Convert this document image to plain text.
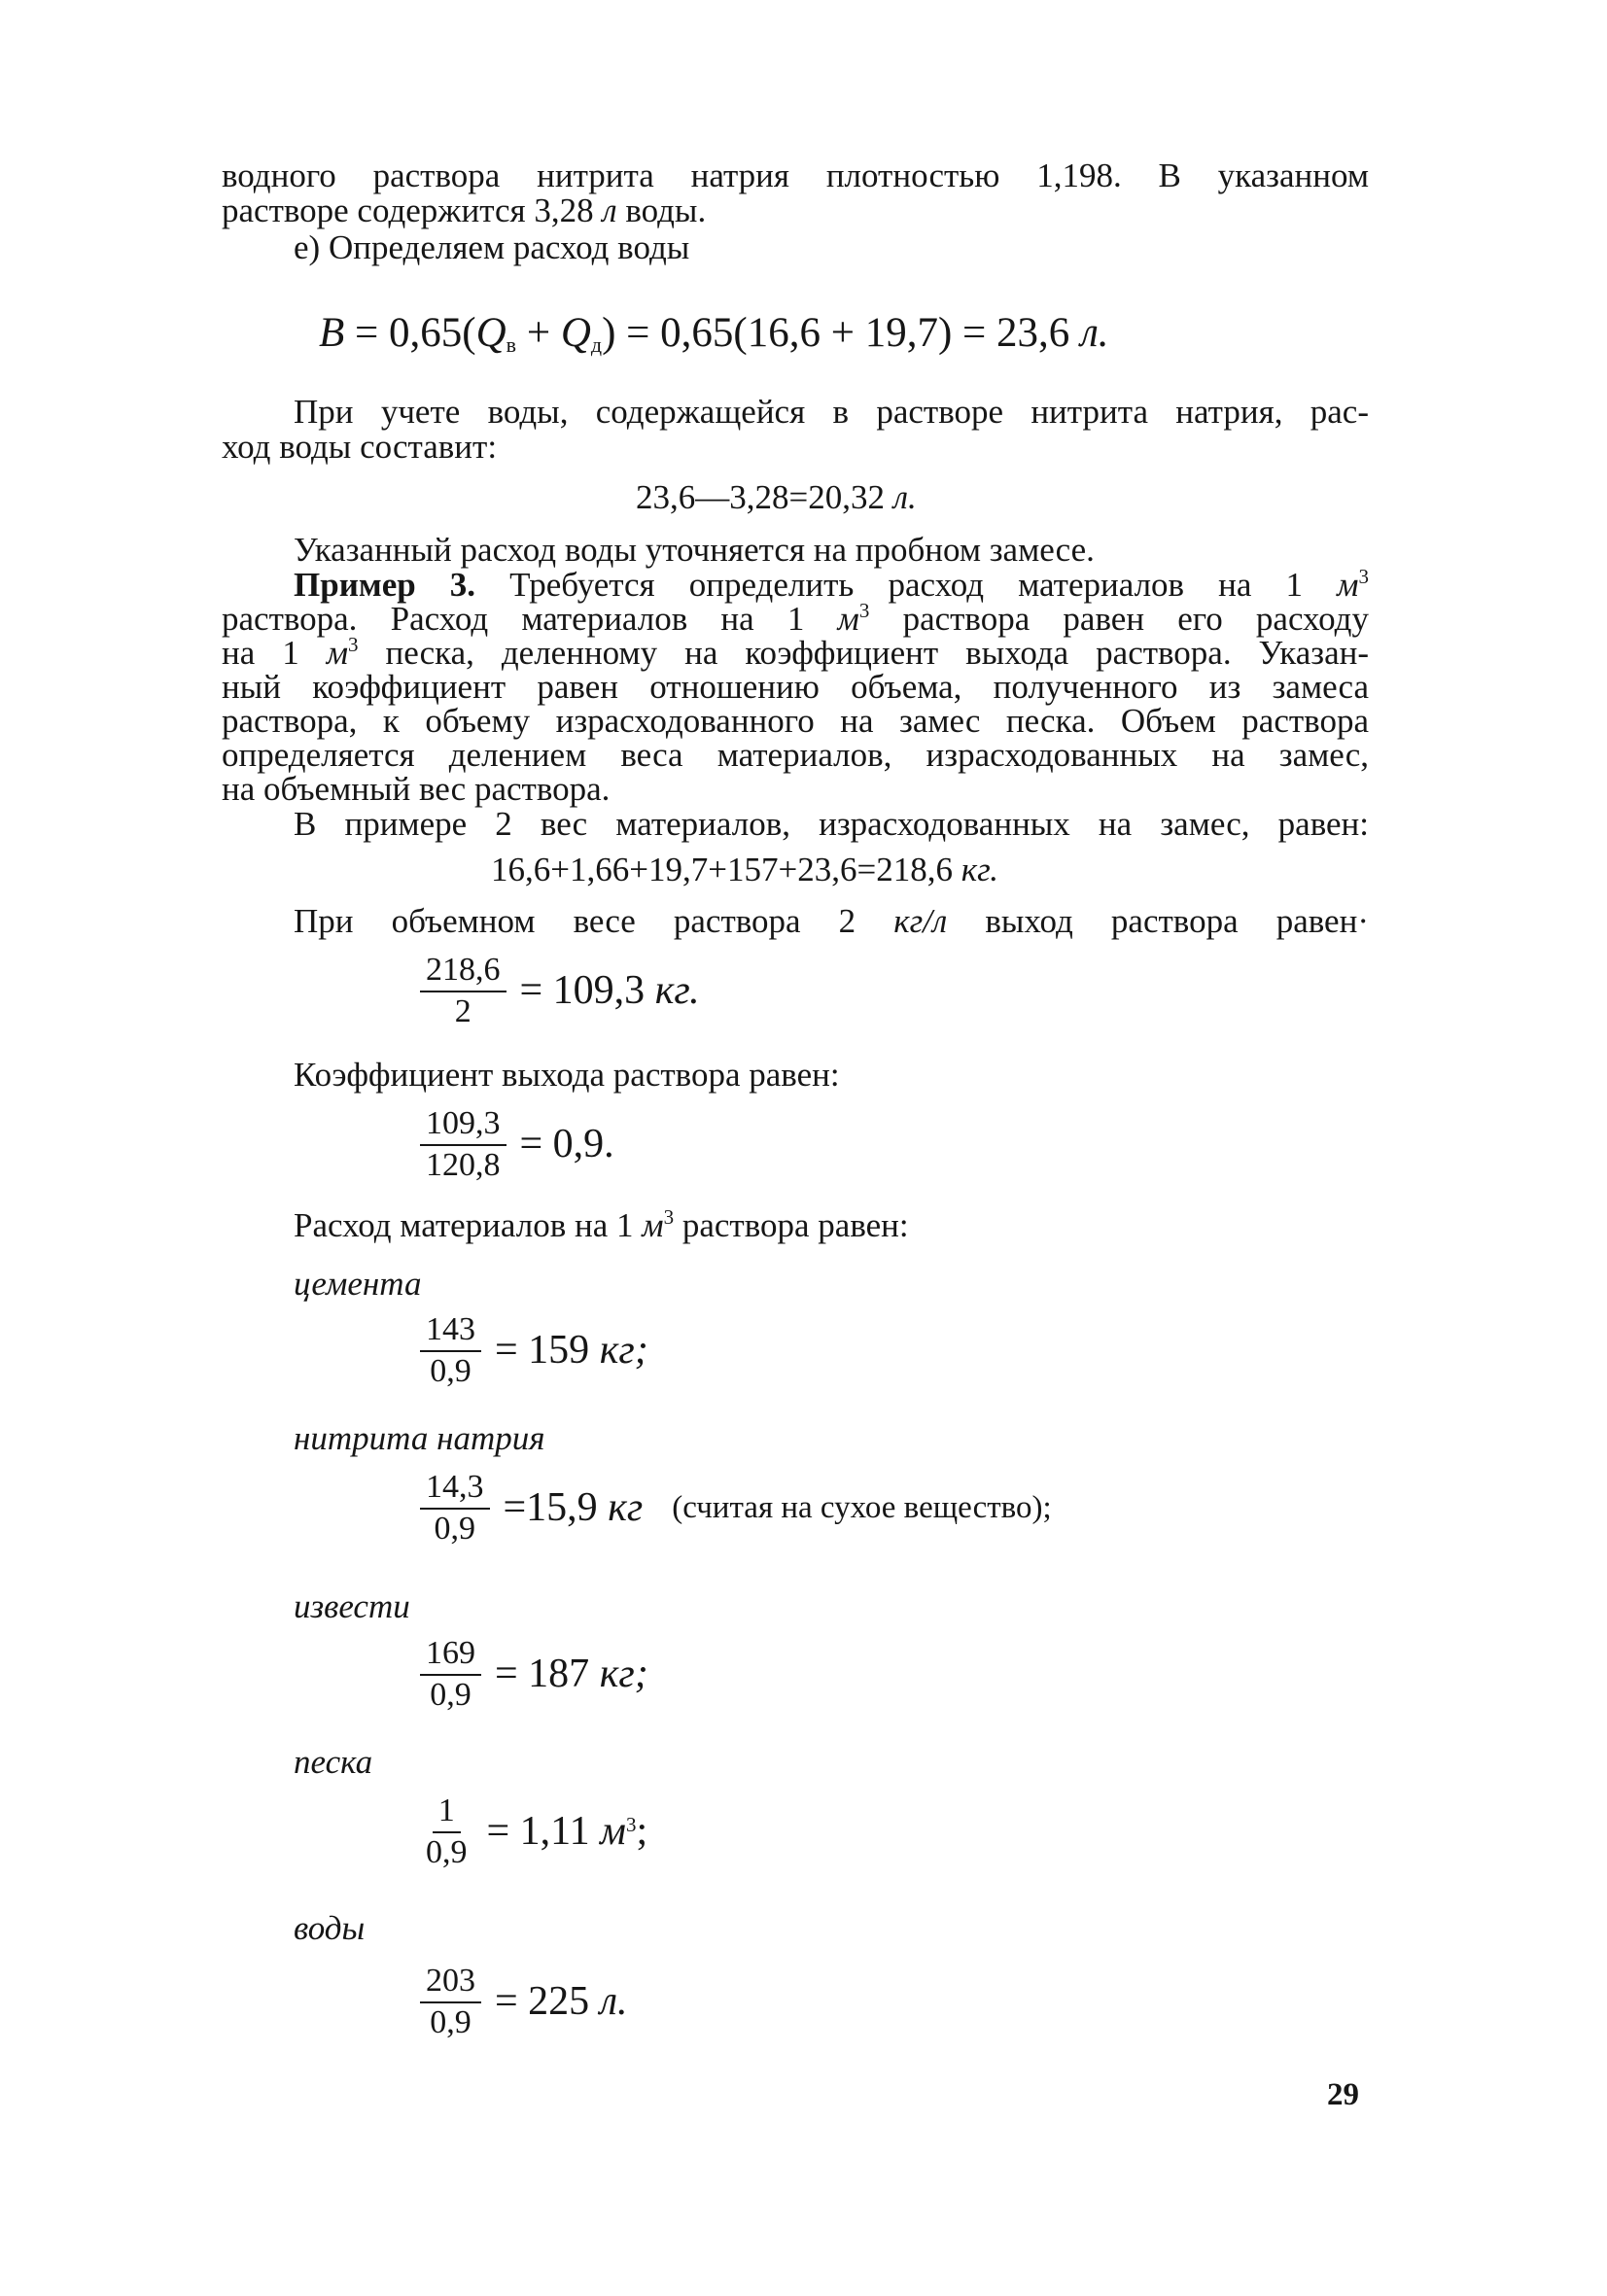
водного раствора нитрита натрия плотностью 1,198. В указанном
растворе содержится 3,28 л воды.
е) Определяем расход воды
$B = 0,65(Q_в + Q_д) = 0,65(16,6 + 19,7) = 23,6$ л.
При учете воды, содержащейся в растворе нитрита натрия, рас-
ход воды составит:
23,6—3,28=20,32 л.
Указанный расход воды уточняется на пробном замесе.
Пример 3. Требуется определить расход материалов на 1 $м^3$
раствора. Расход материалов на 1 $м^3$ раствора равен его расходу
на 1 $м^3$ песка, деленному на коэффициент выхода раствора. Указан-
ный коэффициент равен отношению объема, полученного из замеса
раствора, к объему израсходованного на замес песка. Объем раствора
определяется делением веса материалов, израсходованных на замес,
на объемный вес раствора.
В примере 2 вес материалов, израсходованных на замес, равен:
16,6+1,66+19,7+157+23,6=218,6 кг.
При объемном весе раствора 2 кг/л выход раствора равен·
$\frac{218,6}{2} = 109,3$ кг.
Коэффициент выхода раствора равен:
$\frac{109,3}{120,8} = 0,9$.
Расход материалов на 1 $м^3$ раствора равен:
цемента
$\frac{143}{0,9} = 159$ кг;
нитрита натрия
$\frac{14,3}{0,9} =15,9$ кг (считая на сухое вещество);
извести
$\frac{169}{0,9} = 187$ кг;
песка
$\frac{1}{0,9} = 1,11$ $м^3$;
воды
$\frac{203}{0,9} = 225$ л.
29
